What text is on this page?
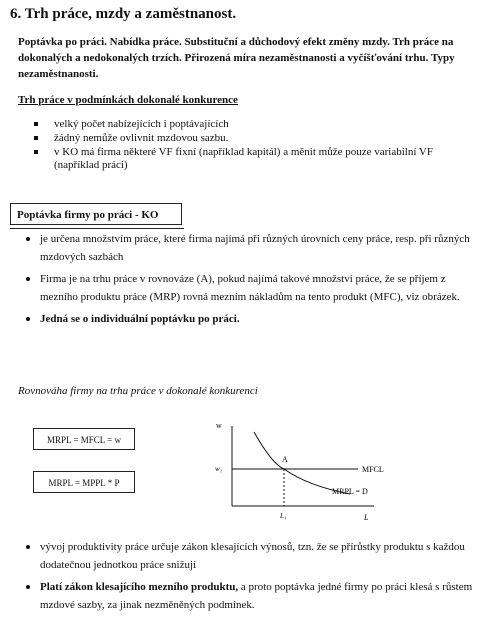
6. Trh práce, mzdy a zaměstnanost.
Poptávka po práci. Nabídka práce. Substituční a důchodový efekt změny mzdy. Trh práce na dokonalých a nedokonalých trzích. Přirozená míra nezaměstnanosti a vyčíšťování trhu. Typy nezaměstnanosti.
Trh práce v podmínkách dokonalé konkurence
velký počet nabízejících i poptávajících
žádný nemůže ovlivnit mzdovou sazbu.
v KO má firma některé VF fixní (například kapitál) a měnit může pouze variabilní VF (například práci)
Poptávka firmy po práci - KO
je určena množstvím práce, které firma najímá při různých úrovních ceny práce, resp. při různých mzdových sazbách
Firma je na trhu práce v rovnováze (A), pokud najímá takové množství práce, že se příjem z mezního produktu práce (MRP) rovná mezním nákladům na tento produkt (MFC), viz obrázek.
Jedná se o individuální poptávku po práci.
Rovnováha firmy na trhu práce v dokonalé konkurenci
MRPL = MFCL = w
MRPL = MPPL * P
w
L
MFCL
MRPL = D
A
w₁
L₁
vývoj produktivity práce určuje zákon klesajících výnosů, tzn. že se přírůstky produktu s každou dodatečnou jednotkou práce snižují
Platí zákon klesajícího mezního produktu, a proto poptávka jedné firmy po práci klesá s růstem mzdové sazby, za jinak nezměněných podmínek.
